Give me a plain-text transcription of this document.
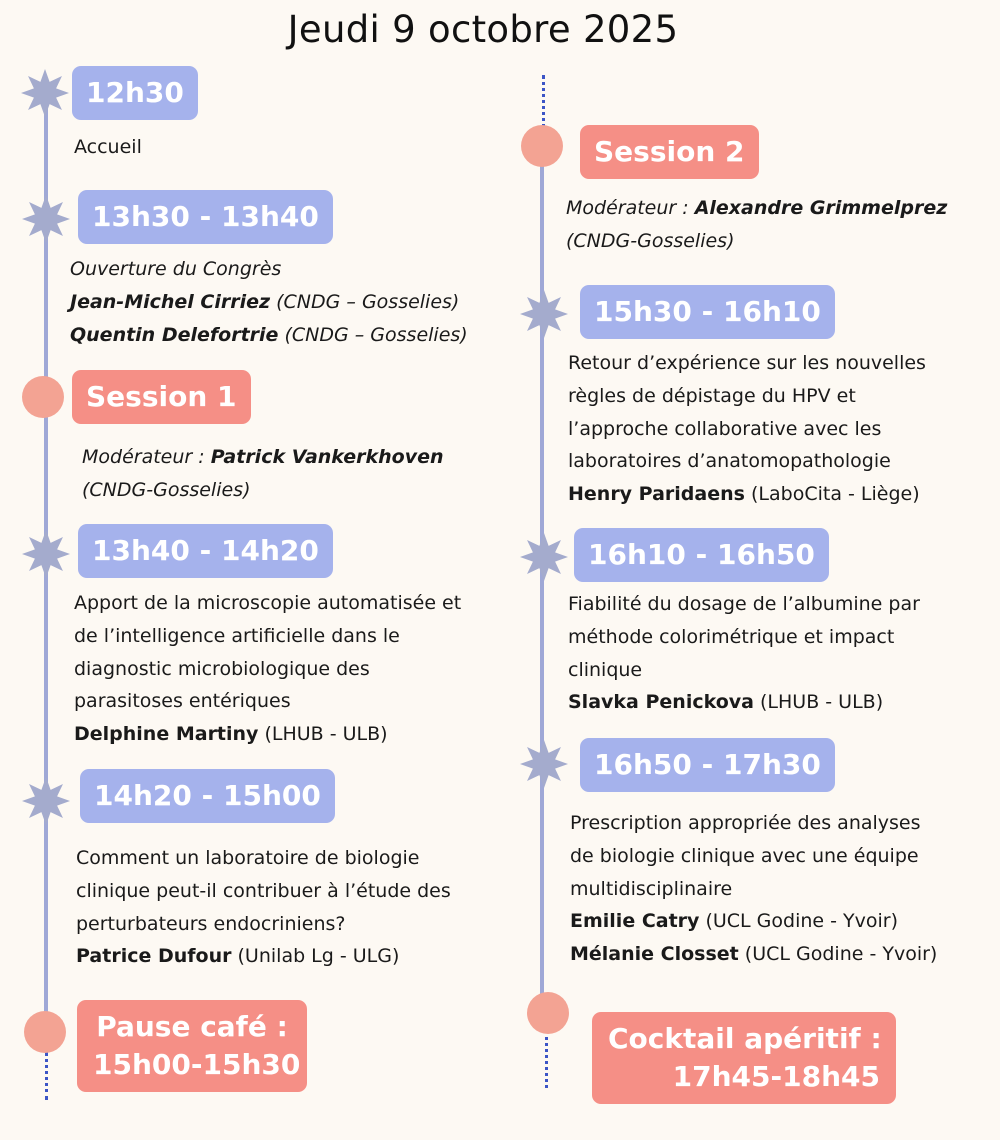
Jeudi 9 octobre 2025
12h30

Accueil

13h30 - 13h40

Ouverture du Congrès

Jean-Michel Cirriez (CNDG – Gosselies)

Quentin Delefortrie (CNDG – Gosselies)

Session 1

Modérateur : Patrick Vankerkhoven

(CNDG-Gosselies)

13h40 - 14h20

Apport de la microscopie automatisée et

de l’intelligence artificielle dans le

diagnostic microbiologique des

parasitoses entériques

Delphine Martiny (LHUB - ULB)

14h20 - 15h00

Comment un laboratoire de biologie

clinique peut-il contribuer à l’étude des

perturbateurs endocriniens?

Patrice Dufour (Unilab Lg - ULG)

Pause café :
15h00-15h30
Session 2

Modérateur : Alexandre Grimmelprez

(CNDG-Gosselies)

15h30 - 16h10

Retour d’expérience sur les nouvelles

règles de dépistage du HPV et

l’approche collaborative avec les

laboratoires d’anatomopathologie

Henry Paridaens (LaboCita - Liège)

16h10 - 16h50

Fiabilité du dosage de l’albumine par

méthode colorimétrique et impact

clinique

Slavka Penickova (LHUB - ULB)

16h50 - 17h30

Prescription appropriée des analyses

de biologie clinique avec une équipe

multidisciplinaire

Emilie Catry (UCL Godine - Yvoir)

Mélanie Closset (UCL Godine - Yvoir)

Cocktail apéritif :
17h45-18h45
